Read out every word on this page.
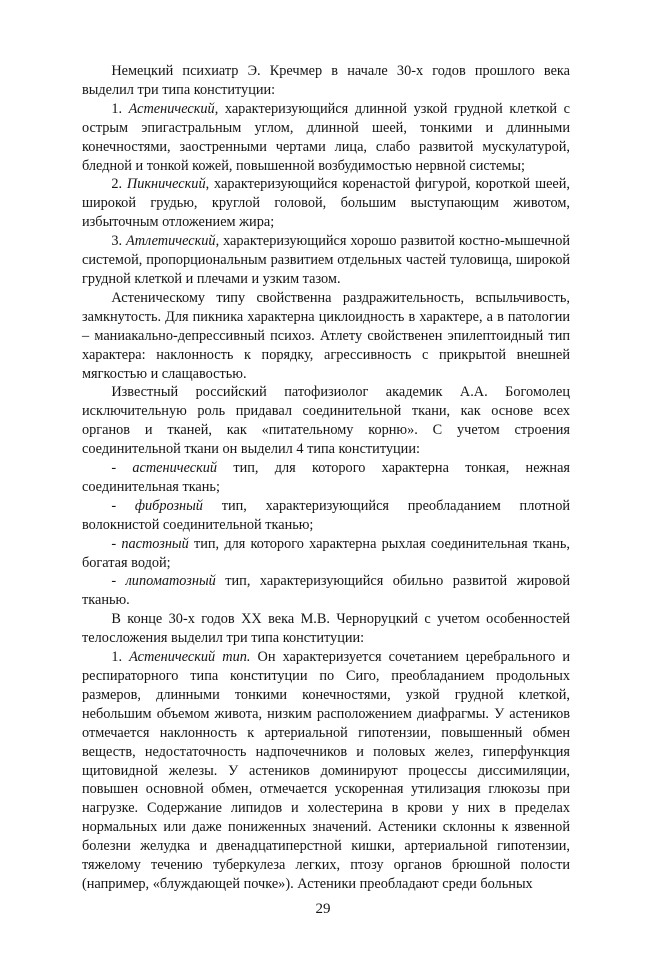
Немецкий психиатр Э. Кречмер в начале 30-х годов прошлого века выделил три типа конституции:

1. Астенический, характеризующийся длинной узкой грудной клеткой с острым эпигастральным углом, длинной шеей, тонкими и длинными конечностями, заостренными чертами лица, слабо развитой мускулатурой, бледной и тонкой кожей, повышенной возбудимостью нервной системы;

2. Пикнический, характеризующийся коренастой фигурой, короткой шеей, широкой грудью, круглой головой, большим выступающим животом, избыточным отложением жира;

3. Атлетический, характеризующийся хорошо развитой костно-мышечной системой, пропорциональным развитием отдельных частей туловища, широкой грудной клеткой и плечами и узким тазом.

Астеническому типу свойственна раздражительность, вспыльчивость, замкнутость. Для пикника характерна циклоидность в характере, а в патологии – маниакально-депрессивный психоз. Атлету свойственен эпилептоидный тип характера: наклонность к порядку, агрессивность с прикрытой внешней мягкостью и слащавостью.

Известный российский патофизиолог академик А.А. Богомолец исключительную роль придавал соединительной ткани, как основе всех органов и тканей, как «питательному корню». С учетом строения соединительной ткани он выделил 4 типа конституции:

- астенический тип, для которого характерна тонкая, нежная соединительная ткань;

- фиброзный тип, характеризующийся преобладанием плотной волокнистой соединительной тканью;

- пастозный тип, для которого характерна рыхлая соединительная ткань, богатая водой;

- липоматозный тип, характеризующийся обильно развитой жировой тканью.

В конце 30-х годов XX века М.В. Черноруцкий с учетом особенностей телосложения выделил три типа конституции:

1. Астенический тип. Он характеризуется сочетанием церебрального и респираторного типа конституции по Сиго, преобладанием продольных размеров, длинными тонкими конечностями, узкой грудной клеткой, небольшим объемом живота, низким расположением диафрагмы. У астеников отмечается наклонность к артериальной гипотензии, повышенный обмен веществ, недостаточность надпочечников и половых желез, гиперфункция щитовидной железы. У астеников доминируют процессы диссимиляции, повышен основной обмен, отмечается ускоренная утилизация глюкозы при нагрузке. Содержание липидов и холестерина в крови у них в пределах нормальных или даже пониженных значений. Астеники склонны к язвенной болезни желудка и двенадцатиперстной кишки, артериальной гипотензии, тяжелому течению туберкулеза легких, птозу органов брюшной полости (например, «блуждающей почке»). Астеники преобладают среди больных

29
